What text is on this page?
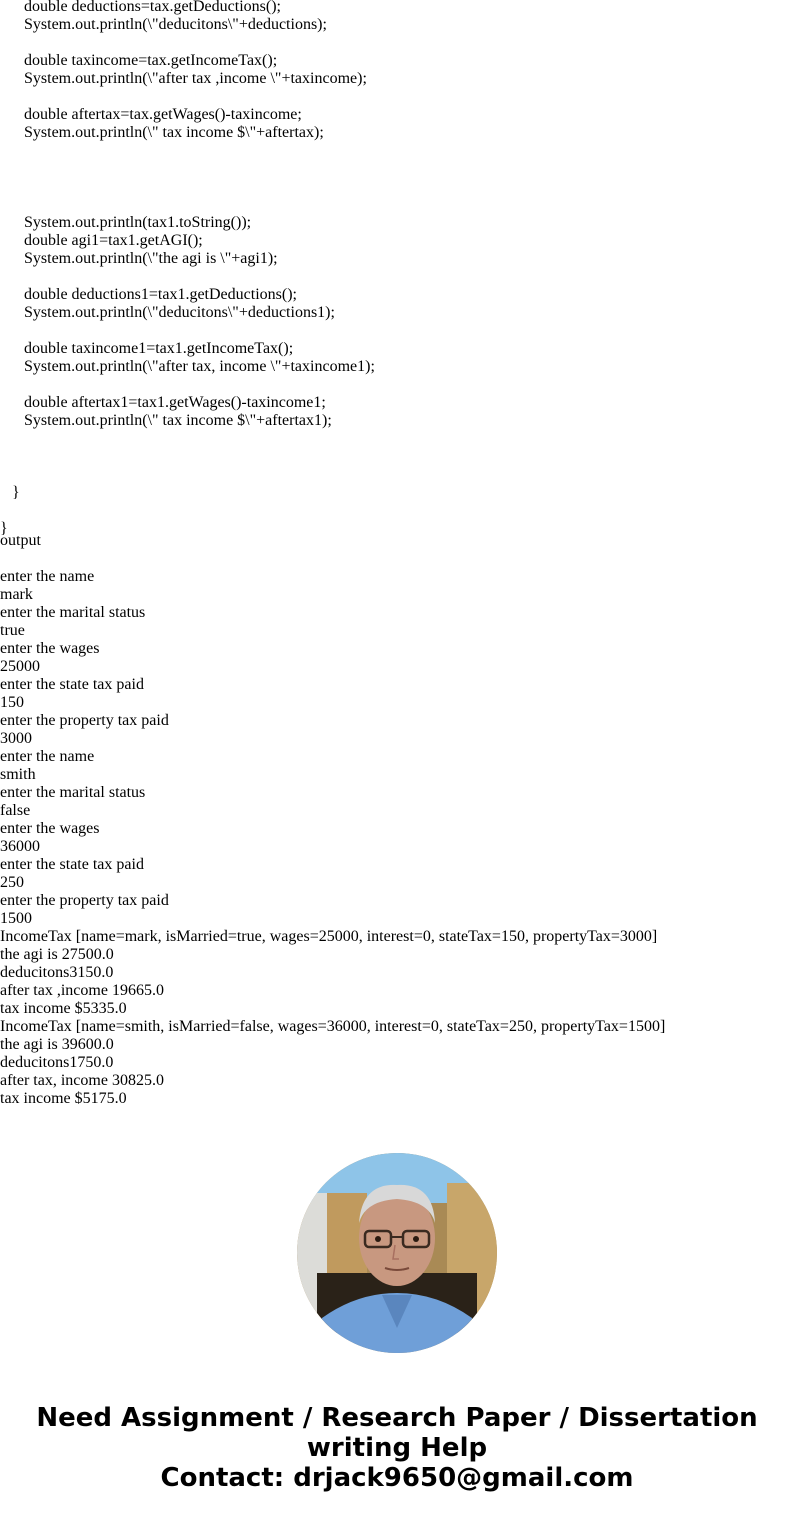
double deductions=tax.getDeductions();
System.out.println(\"deducitons\"+deductions);
double taxincome=tax.getIncomeTax();
System.out.println(\"after tax ,income \"+taxincome);
double aftertax=tax.getWages()-taxincome;
System.out.println(\" tax income $\"+aftertax);
System.out.println(tax1.toString());
double agi1=tax1.getAGI();
System.out.println(\"the agi is \"+agi1);
double deductions1=tax1.getDeductions();
System.out.println(\"deducitons\"+deductions1);
double taxincome1=tax1.getIncomeTax();
System.out.println(\"after tax, income \"+taxincome1);
double aftertax1=tax1.getWages()-taxincome1;
System.out.println(\" tax income $\"+aftertax1);
}
}
output
enter the name
mark
enter the marital status
true
enter the wages
25000
enter the state tax paid
150
enter the property tax paid
3000
enter the name
smith
enter the marital status
false
enter the wages
36000
enter the state tax paid
250
enter the property tax paid
1500
IncomeTax [name=mark, isMarried=true, wages=25000, interest=0, stateTax=150, propertyTax=3000]
the agi is 27500.0
deducitons3150.0
after tax ,income 19665.0
tax income $5335.0
IncomeTax [name=smith, isMarried=false, wages=36000, interest=0, stateTax=250, propertyTax=1500]
the agi is 39600.0
deducitons1750.0
after tax, income 30825.0
tax income $5175.0
Need Assignment / Research Paper / Dissertation
writing Help
Contact: drjack9650@gmail.com
